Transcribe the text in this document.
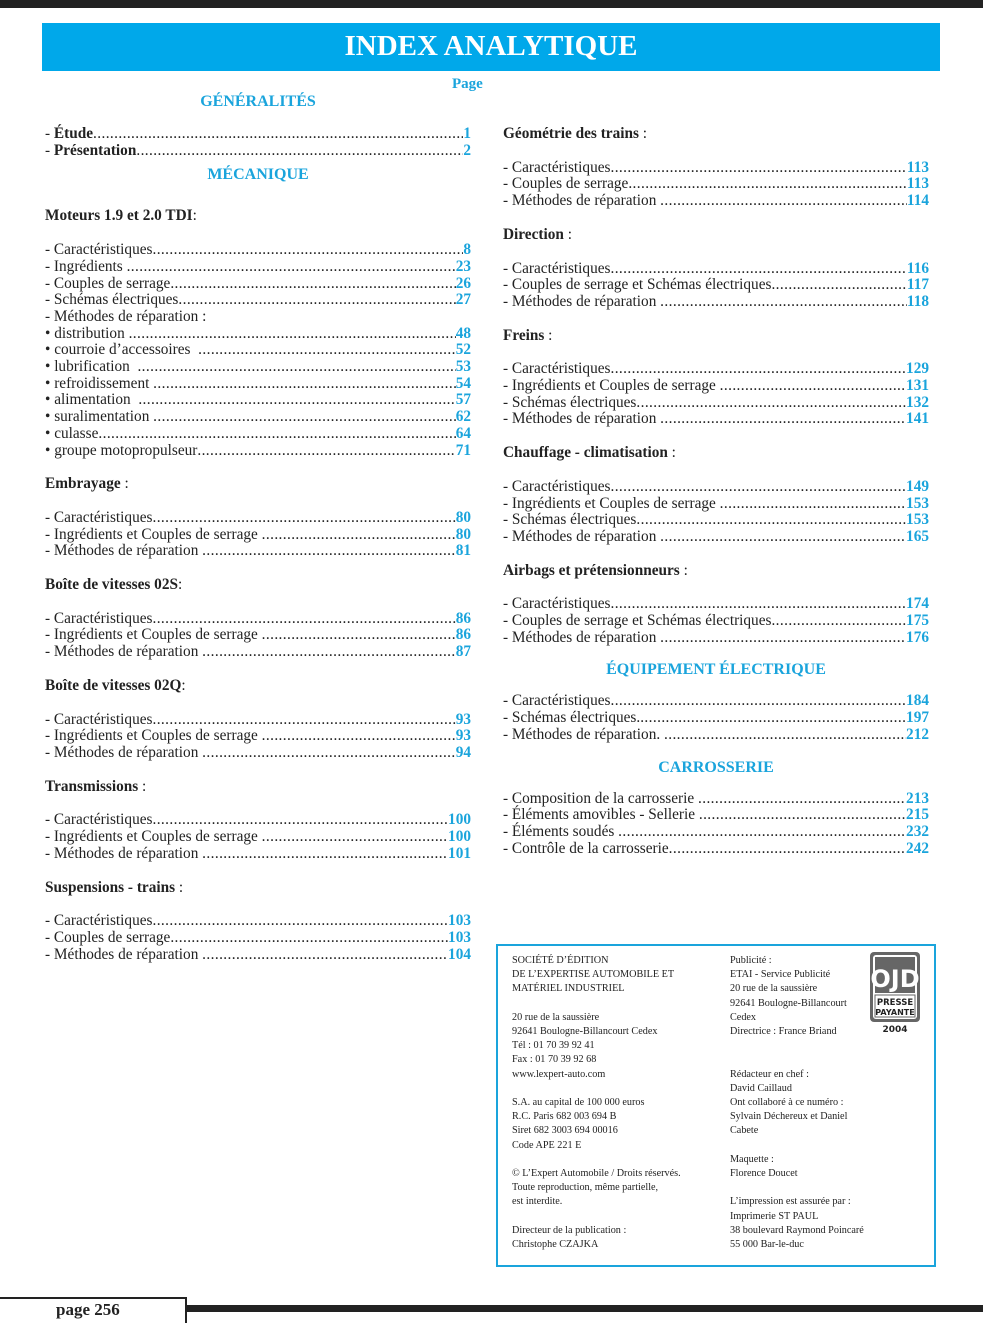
INDEX ANALYTIQUE
Page
GÉNÉRALITÉS
- Étude .....	1
- Présentation .....	2
MÉCANIQUE
Moteurs 1.9 et 2.0 TDI:
- Caractéristiques .....	8
- Ingrédients .....	23
- Couples de serrage .....	26
- Schémas électriques .....	27
- Méthodes de réparation :
• distribution .....	48
• courroie d’accessoires .....	52
• lubrification .....	53
• refroidissement .....	54
• alimentation .....	57
• suralimentation .....	62
• culasse .....	64
• groupe motopropulseur .....	71
Embrayage :
- Caractéristiques .....	80
- Ingrédients et Couples de serrage .....	80
- Méthodes de réparation .....	81
Boîte de vitesses 02S:
- Caractéristiques .....	86
- Ingrédients et Couples de serrage .....	86
- Méthodes de réparation .....	87
Boîte de vitesses 02Q:
- Caractéristiques .....	93
- Ingrédients et Couples de serrage .....	93
- Méthodes de réparation .....	94
Transmissions :
- Caractéristiques .....	100
- Ingrédients et Couples de serrage .....	100
- Méthodes de réparation .....	101
Suspensions - trains :
- Caractéristiques .....	103
- Couples de serrage .....	103
- Méthodes de réparation .....	104
Géométrie des trains :
- Caractéristiques .....	113
- Couples de serrage .....	113
- Méthodes de réparation .....	114
Direction :
- Caractéristiques .....	116
- Couples de serrage et Schémas électriques .....	117
- Méthodes de réparation .....	118
Freins :
- Caractéristiques .....	129
- Ingrédients et Couples de serrage .....	131
- Schémas électriques .....	132
- Méthodes de réparation .....	141
Chauffage - climatisation :
- Caractéristiques .....	149
- Ingrédients et Couples de serrage .....	153
- Schémas électriques .....	153
- Méthodes de réparation .....	165
Airbags et prétensionneurs :
- Caractéristiques .....	174
- Couples de serrage et Schémas électriques .....	175
- Méthodes de réparation .....	176
ÉQUIPEMENT ÉLECTRIQUE
- Caractéristiques .....	184
- Schémas électriques. .....	197
- Méthodes de réparation. .....	212
CARROSSERIE
- Composition de la carrosserie .....	213
- Éléments amovibles - Sellerie .....	215
- Éléments soudés .....	232
- Contrôle de la carrosserie .....	242
SOCIÉTÉ D’ÉDITION
DE L’EXPERTISE AUTOMOBILE ET
MATÉRIEL INDUSTRIEL

20 rue de la saussière
92641 Boulogne-Billancourt Cedex
Tél : 01 70 39 92 41
Fax : 01 70 39 92 68
www.lexpert-auto.com

S.A. au capital de 100 000 euros
R.C. Paris 682 003 694 B
Siret 682 3003 694 00016
Code APE 221 E

© L’Expert Automobile / Droits réservés.
Toute reproduction, même partielle,
est interdite.

Directeur de la publication :
Christophe CZAJKA
Publicité :
ETAI - Service Publicité
20 rue de la saussière
92641 Boulogne-Billancourt
Cedex
Directrice : France Briand

Rédacteur en chef :
David Caillaud
Ont collaboré à ce numéro :
Sylvain Déchereux et Daniel Cabete

Maquette :
Florence Doucet

L’impression est assurée par :
Imprimerie ST PAUL
38 boulevard Raymond Poincaré
55 000 Bar-le-duc
OJD
PRESSE
PAYANTE
2004
page 256
